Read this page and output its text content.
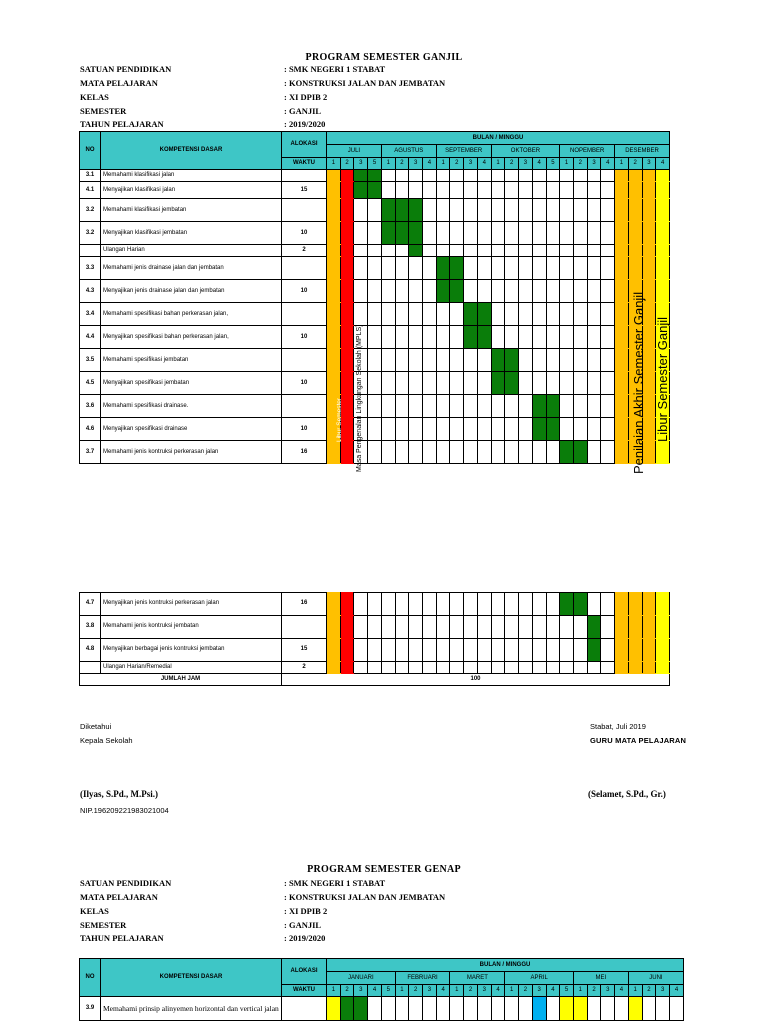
PROGRAM SEMESTER GANJIL
SATUAN PENDIDIKAN	: SMK NEGERI 1 STABAT
MATA PELAJARAN	: KONSTRUKSI JALAN DAN JEMBATAN
KELAS	: XI DPIB 2
SEMESTER	: GANJIL
TAHUN PELAJARAN	: 2019/2020
NO	KOMPETENSI DASAR	ALOKASI	BULAN / MINGGU																								
			JULI				AGUSTUS				SEPTEMBER				OKTOBER					NOPEMBER				DESEMBER			
		WAKTU	1	2	3	5	1	2	3	4	1	2	3	4	1	2	3	4	5	1	2	3	4	1	2	3	4
3.1	Memahami klasifikasi jalan																										
4.1	Menyajikan klasifikasi jalan	15																									
3.2	Memahami klasifikasi jembatan																										
3.2	Menyajikan klasifikasi jembatan	10																									
	Ulangan Harian	2																									
3.3	Memahami jenis drainase jalan dan jembatan																										
4.3	Menyajikan jenis drainase jalan dan jembatan	10																									
3.4	Memahami spesifikasi bahan perkerasan jalan,																										
4.4	Menyajikan spesifikasi bahan perkerasan jalan,	10																									
3.5	Memahami spesifikasi jembatan																										
4.5	Menyajikan spesifikasi jembatan	10																									
3.6	Memahami spesifikasi drainase.																										
4.6	Menyajikan spesifikasi drainase	10																									
3.7	Memahami jenis kontruksi perkerasan jalan	16																									

4.7	Menyajikan jenis kontruksi perkerasan jalan	16																									
3.8	Memahami jenis kontruksi jembatan																										
4.8	Menyajikan berbagai jenis kontruksi jembatan	15																									
	Ulangan Harian/Remedial	2																									
JUMLAH JAM		100																									
Libur Semester Masa Pengenalan Lingkungan Sekolah (MPLS)	Penilaian Akhir Semester Ganjil Libur Semester Ganjil
Diketahui
Kepala Sekolah
(Ilyas, S.Pd., M.Psi.)
NIP.196209221983021004
Stabat, Juli 2019
GURU MATA PELAJARAN
(Selamet, S.Pd., Gr.)
PROGRAM SEMESTER GENAP
SATUAN PENDIDIKAN	: SMK NEGERI 1 STABAT
MATA PELAJARAN	: KONSTRUKSI JALAN DAN JEMBATAN
KELAS	: XI DPIB 2
SEMESTER	: GANJIL
TAHUN PELAJARAN	: 2019/2020
NO	KOMPETENSI DASAR	ALOKASI	BULAN / MINGGU																									
			JANUARI					FEBRUARI				MARET				APRIL					MEI				JUNI			
		WAKTU	1	2	3	4	5	1	2	3	4	1	2	3	4	1	2	3	4	5	1	2	3	4	1	2	3	4
3.9	Memahami prinsip alinyemen horizontal dan vertical jalan																											
